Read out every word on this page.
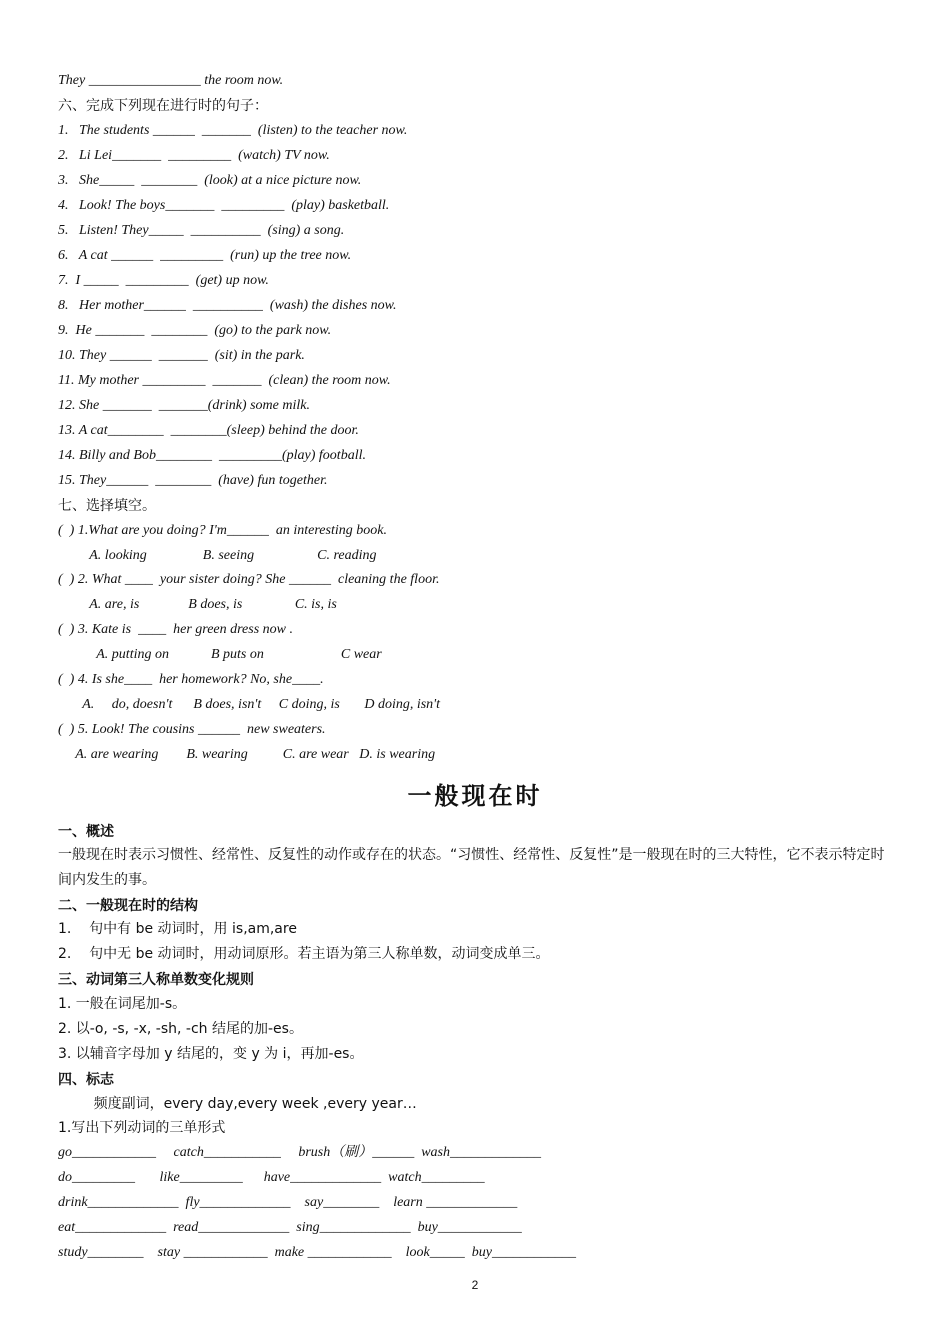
They ________________ the room now.
六、完成下列现在进行时的句子：
1.   The students ______  _______  (listen) to the teacher now.
2.   Li Lei_______  _________  (watch) TV now.
3.   She_____  ________  (look) at a nice picture now.
4.   Look! The boys_______  _________  (play) basketball.
5.   Listen! They_____  __________  (sing) a song.
6.   A cat ______  _________  (run) up the tree now.
7.  I _____  _________  (get) up now.
8.   Her mother______  __________  (wash) the dishes now.
9.  He _______  ________  (go) to the park now.
10. They ______  _______  (sit) in the park.
11. My mother _________  _______  (clean) the room now.
12. She _______  _______(drink) some milk.
13. A cat________  ________(sleep) behind the door.
14. Billy and Bob________  _________(play) football.
15. They______  ________  (have) fun together.
七、选择填空。
(  ) 1.What are you doing? I'm______  an interesting book.
A. looking                B. seeing                  C. reading
(  ) 2. What ____  your sister doing? She ______  cleaning the floor.
A. are, is              B does, is               C. is, is
(  ) 3. Kate is  ____  her green dress now .
A. putting on            B puts on                      C wear
(  ) 4. Is she____  her homework? No, she____.
A.     do, doesn't      B does, isn't     C doing, is       D doing, isn't
(  ) 5. Look! The cousins ______  new sweaters.
A. are wearing        B. wearing          C. are wear   D. is wearing
一般现在时
一、概述
一般现在时表示习惯性、经常性、反复性的动作或存在的状态。“习惯性、经常性、反复性”是一般现在时的三大特性，它不表示特定时间内发生的事。
二、一般现在时的结构
1.    句中有 be 动词时，用 is,am,are
2.    句中无 be 动词时，用动词原形。若主语为第三人称单数，动词变成单三。
三、动词第三人称单数变化规则
1. 一般在词尾加-s。
2. 以-o, -s, -x, -sh, -ch 结尾的加-es。
3. 以辅音字母加 y 结尾的，变 y 为 i，再加-es。
四、标志
频度副词，every day,every week ,every year…
1.写出下列动词的三单形式
go____________     catch___________     brush（刷）______  wash_____________
do_________       like_________      have_____________  watch_________
drink_____________  fly_____________    say________    learn _____________
eat_____________  read_____________  sing_____________  buy____________
study________    stay ____________  make ____________    look_____  buy____________
2
